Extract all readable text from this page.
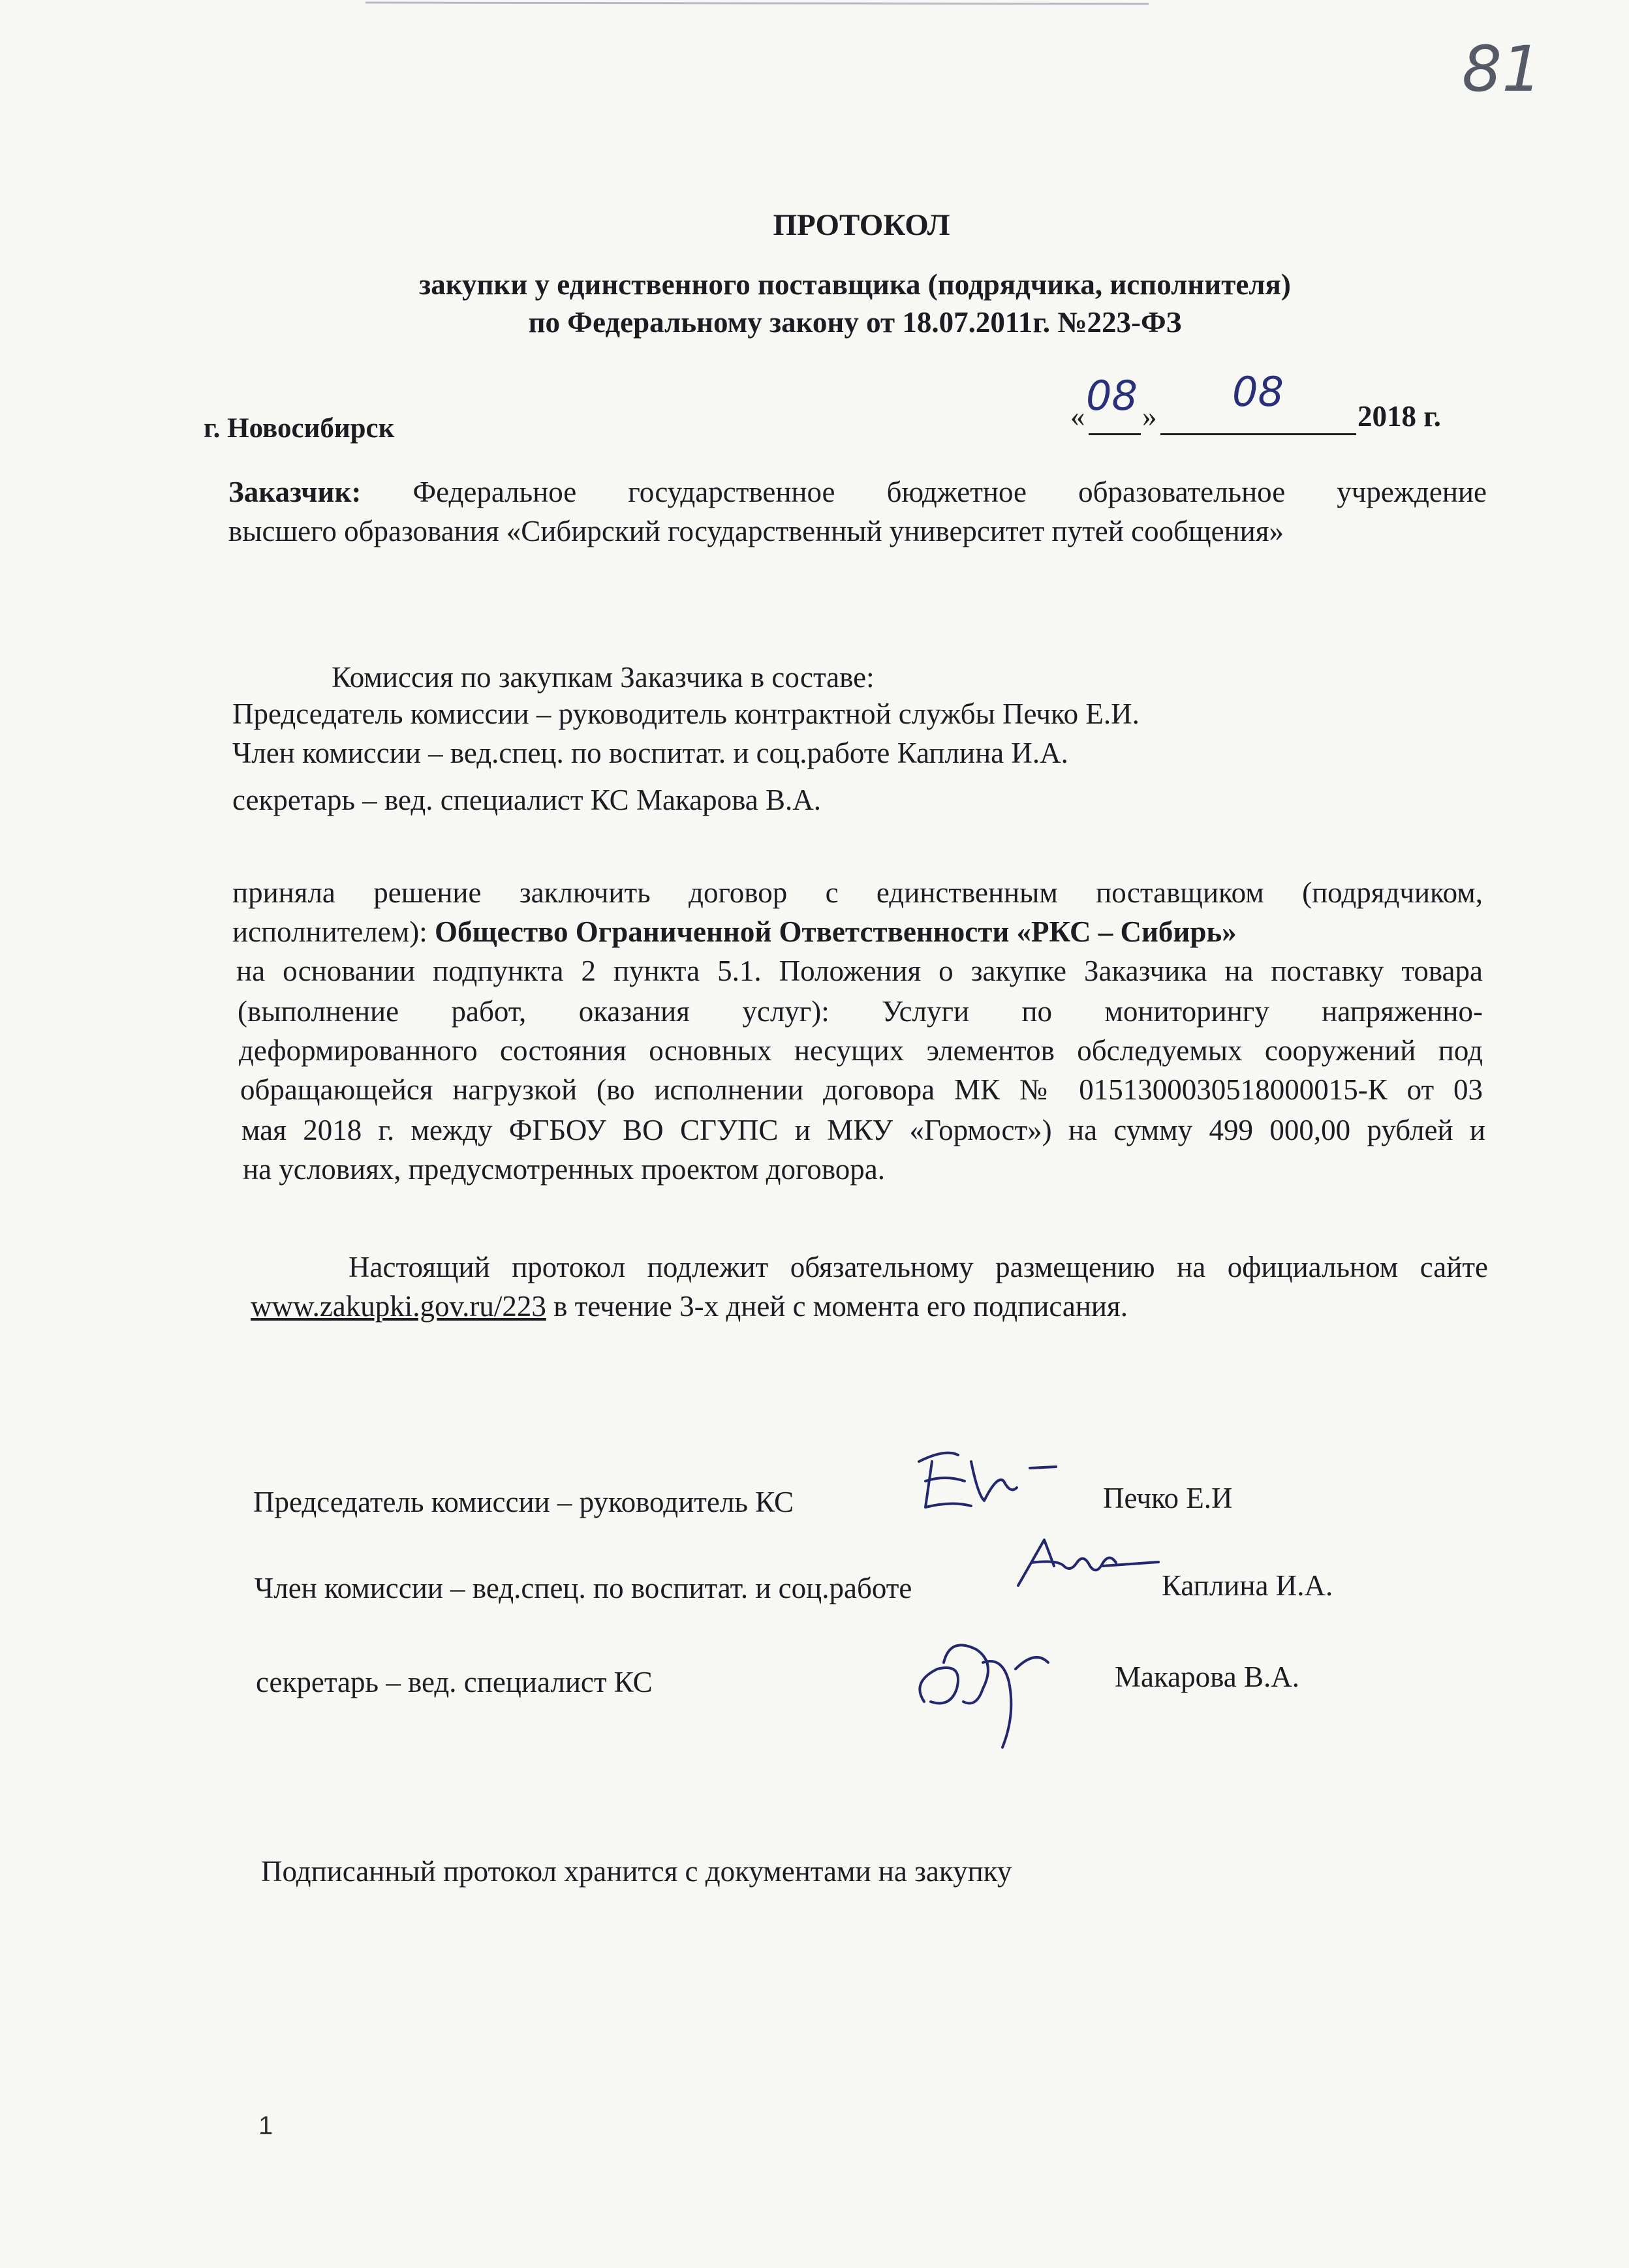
81
ПРОТОКОЛ
закупки у единственного поставщика (подрядчика, исполнителя)
по Федеральному закону от 18.07.2011г. №223-ФЗ
г. Новосибирск	« 08 »
08
2018 г.
Заказчик: Федеральное государственное бюджетное образовательное учреждение
высшего образования «Сибирский государственный университет путей сообщения»
Комиссия по закупкам Заказчика в составе:
Председатель комиссии – руководитель контрактной службы Печко Е.И.
Член комиссии – вед.спец. по воспитат. и соц.работе Каплина И.А.
секретарь – вед. специалист КС Макарова В.А.
приняла решение заключить договор с единственным поставщиком (подрядчиком,
исполнителем): Общество Ограниченной Ответственности «РКС – Сибирь»
на основании подпункта 2 пункта 5.1. Положения о закупке Заказчика на поставку товара
(выполнение работ, оказания услуг): Услуги по мониторингу напряженно-
деформированного состояния основных несущих элементов обследуемых сооружений под
обращающейся нагрузкой (во исполнении договора МК № 0151300030518000015-К от 03
мая 2018 г. между ФГБОУ ВО СГУПС и МКУ «Гормост») на сумму 499 000,00 рублей и
на условиях, предусмотренных проектом договора.
Настоящий протокол подлежит обязательному размещению на официальном сайте
www.zakupki.gov.ru/223 в течение 3-х дней с момента его подписания.
Председатель комиссии – руководитель КС	Печко Е.И
Член комиссии – вед.спец. по воспитат. и соц.работе	Каплина И.А.
секретарь – вед. специалист КС	Макарова В.А.
Подписанный протокол хранится с документами на закупку
1
